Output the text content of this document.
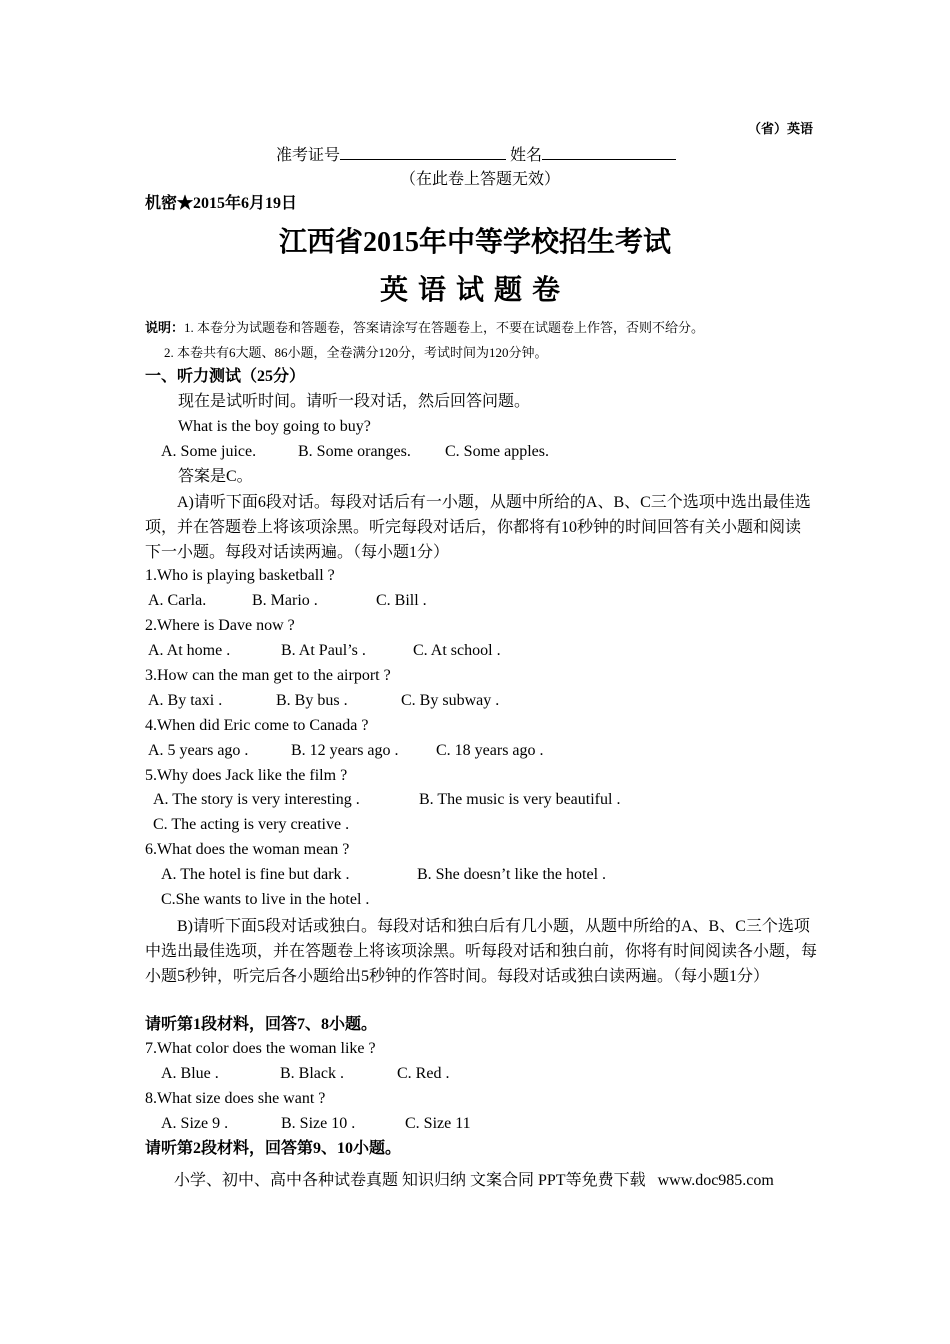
（省）英语
准考证号	姓名
（在此卷上答题无效）
机密★2015年6月19日
江西省2015年中等学校招生考试
英语试题卷
说明：1. 本卷分为试题卷和答题卷，答案请涂写在答题卷上，不要在试题卷上作答，否则不给分。
2. 本卷共有6大题、86小题，全卷满分120分，考试时间为120分钟。
一、听力测试（25分）
现在是试听时间。请听一段对话，然后回答问题。
What is the boy going to buy?
A. Some juice.	B. Some oranges. C. Some apples.
答案是C。
A)请听下面6段对话。每段对话后有一小题，从题中所给的A、B、C三个选项中选出最佳选项，并在答题卷上将该项涂黑。听完每段对话后，你都将有10秒钟的时间回答有关小题和阅读下一小题。每段对话读两遍。（每小题1分）
1.Who is playing basketball ?
A. Carla.	B. Mario .	C. Bill .
2.Where is Dave now ?
A. At home .	B. At Paul’s .	C. At school .
3.How can the man get to the airport ?
A. By taxi .	B. By bus .	C. By subway .
4.When did Eric come to Canada ?
A. 5 years ago .	B. 12 years ago . C. 18 years ago .
5.Why does Jack like the film ?
A. The story is very interesting .	B. The music is very beautiful .
C. The acting is very creative .
6.What does the woman mean ?
A. The hotel is fine but dark .	B. She doesn’t like the hotel .
C.She wants to live in the hotel .
B)请听下面5段对话或独白。每段对话和独白后有几小题，从题中所给的A、B、C三个选项中选出最佳选项，并在答题卷上将该项涂黑。听每段对话和独白前，你将有时间阅读各小题，每小题5秒钟，听完后各小题给出5秒钟的作答时间。每段对话或独白读两遍。（每小题1分）
请听第1段材料，回答7、8小题。
7.What color does the woman like ?
A. Blue .	B. Black .	C. Red .
8.What size does she want ?
A. Size 9 .	B. Size 10 .	C. Size 11
请听第2段材料，回答第9、10小题。
小学、初中、高中各种试卷真题 知识归纳 文案合同 PPT等免费下载 www.doc985.com
